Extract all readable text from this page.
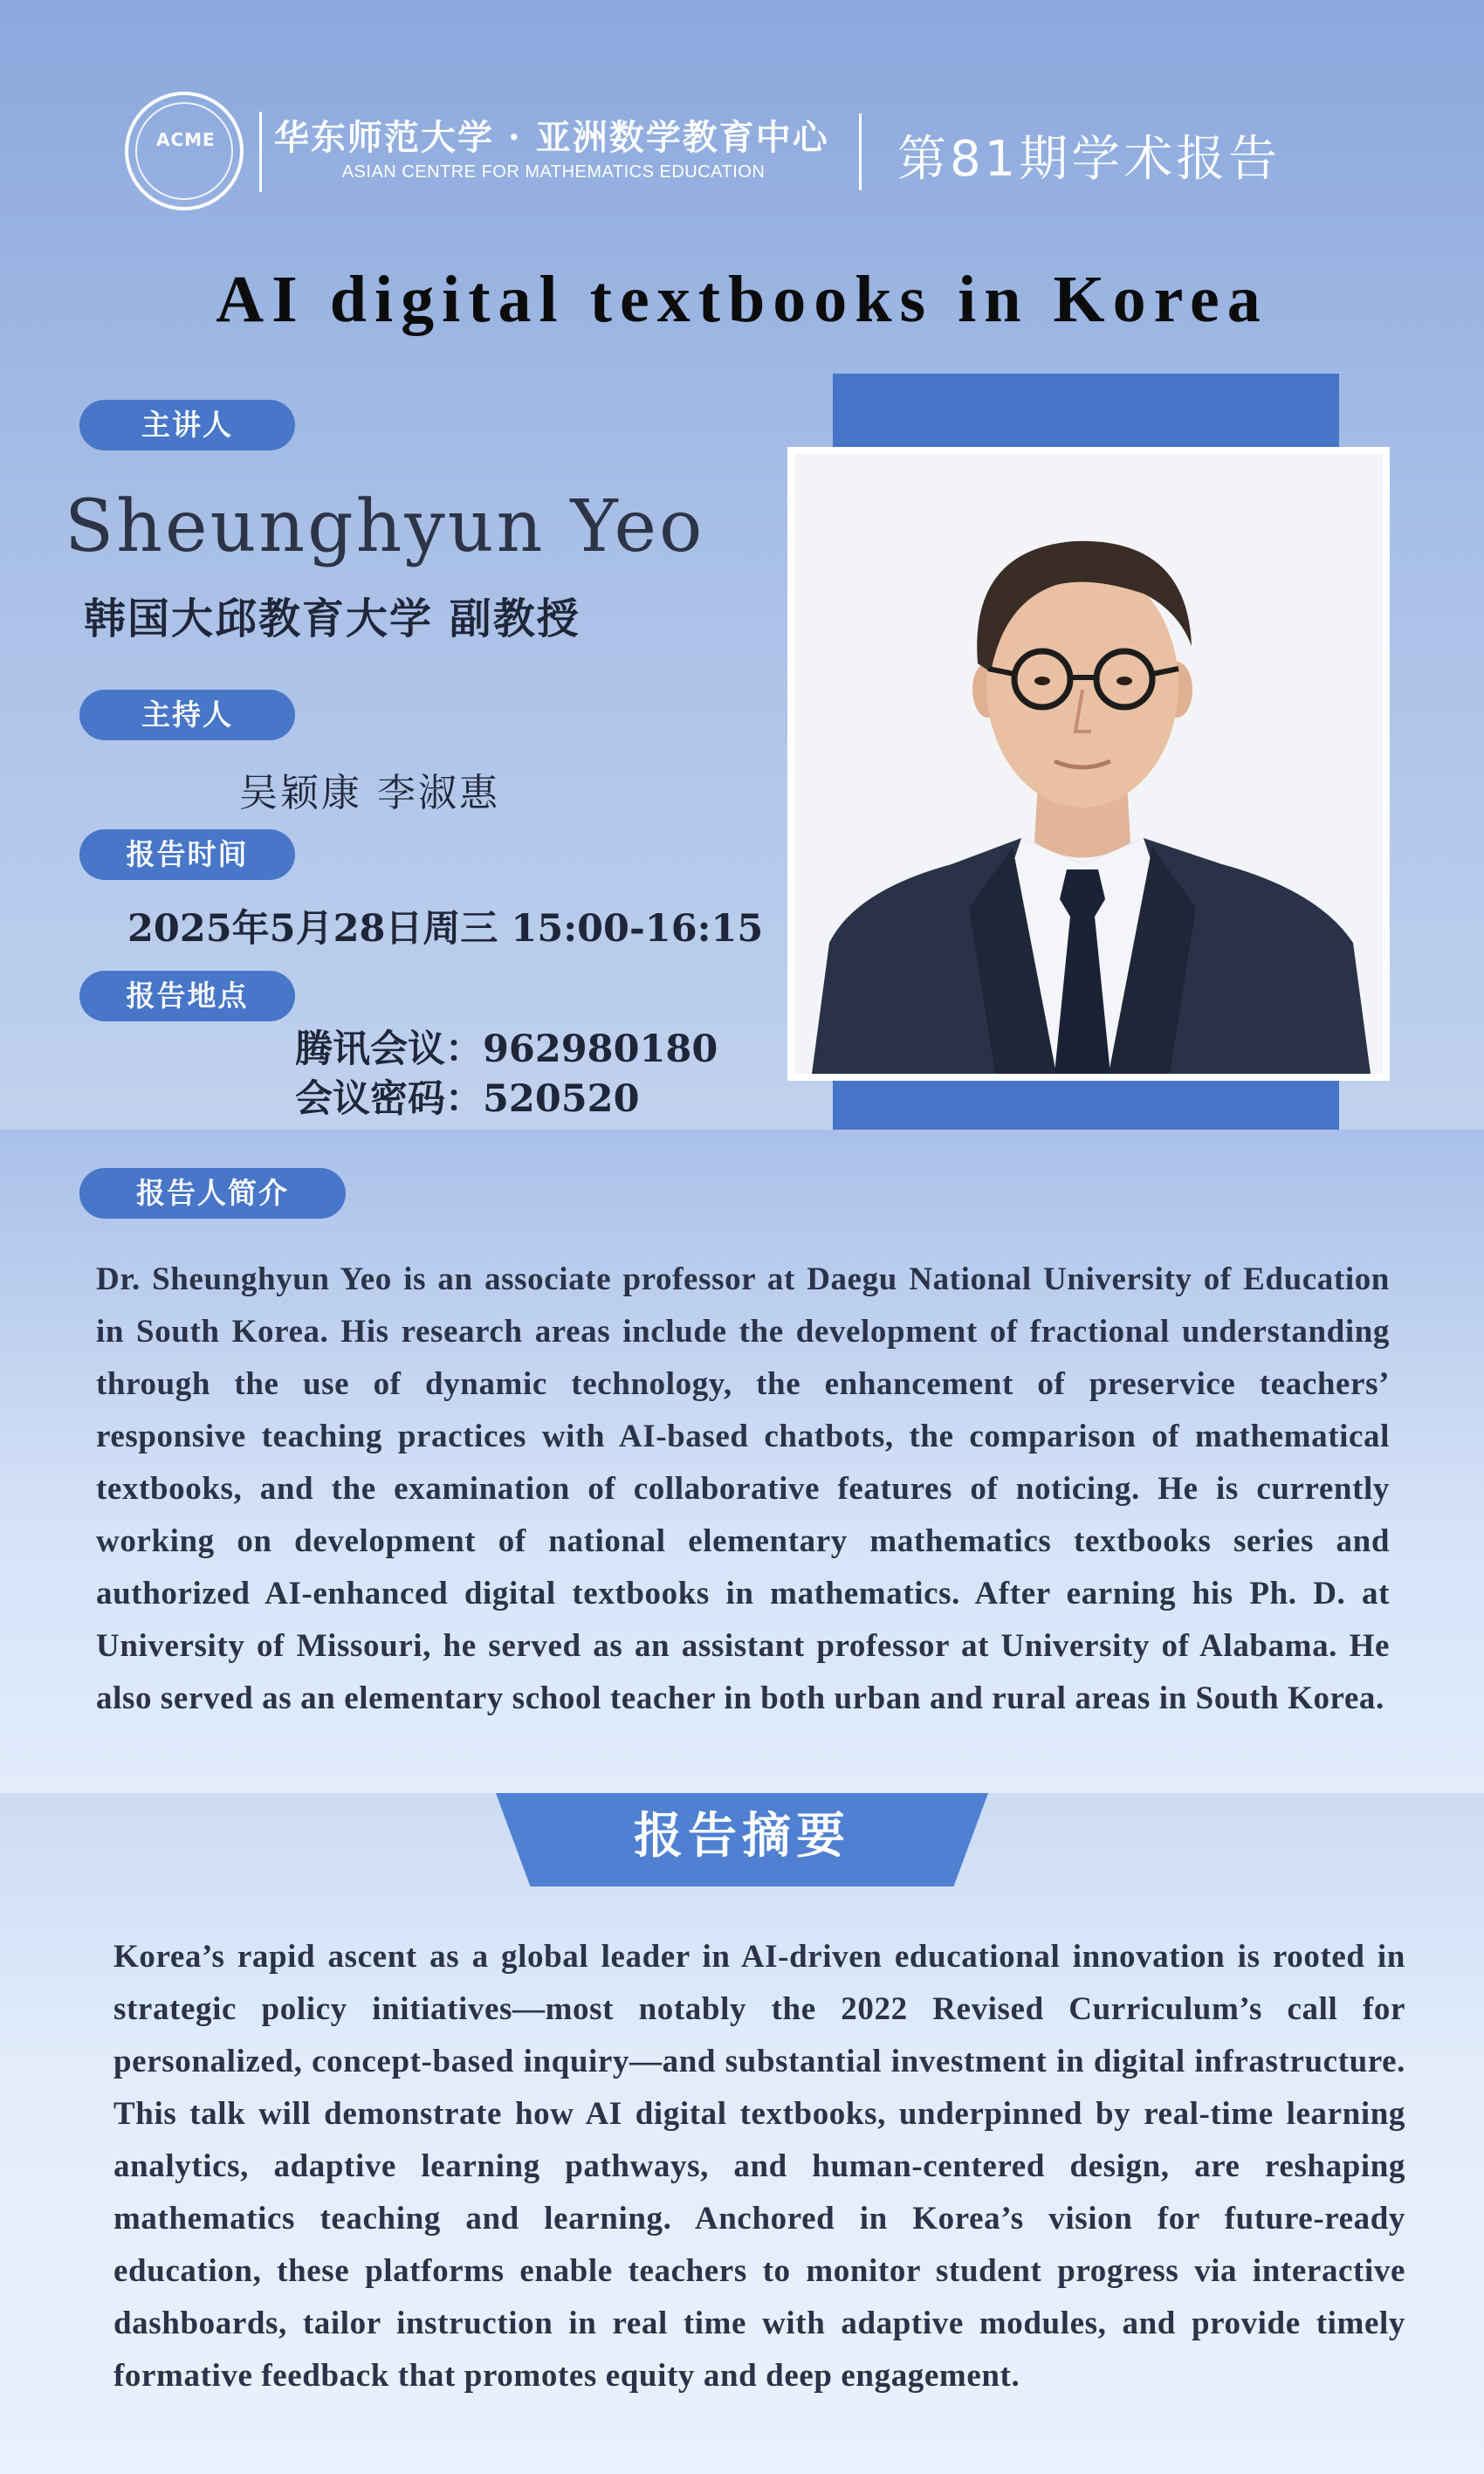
ACME 华东师范大学 · 亚洲数学教育中心
ASIAN CENTRE FOR MATHEMATICS EDUCATION	第81期学术报告
AI digital textbooks in Korea
主讲人
Sheunghyun Yeo
韩国大邱教育大学 副教授
主持人
吴颖康 李淑惠
报告时间
2025年5月28日周三 15:00-16:15
报告地点
腾讯会议：962980180
会议密码：520520
报告人简介

Dr. Sheunghyun Yeo is an associate professor at Daegu National University of Education in South Korea. His research areas include the development of fractional understanding through the use of dynamic technology, the enhancement of preservice teachers’ responsive teaching practices with AI-based chatbots, the comparison of mathematical textbooks, and the examination of collaborative features of noticing. He is currently working on development of national elementary mathematics textbooks series and authorized AI-enhanced digital textbooks in mathematics. After earning his Ph. D. at University of Missouri, he served as an assistant professor at University of Alabama. He also served as an elementary school teacher in both urban and rural areas in South Korea.

报告摘要

Korea’s rapid ascent as a global leader in AI-driven educational innovation is rooted in strategic policy initiatives—most notably the 2022 Revised Curriculum’s call for personalized, concept-based inquiry—and substantial investment in digital infrastructure. This talk will demonstrate how AI digital textbooks, underpinned by real-time learning analytics, adaptive learning pathways, and human-centered design, are reshaping mathematics teaching and learning. Anchored in Korea’s vision for future-ready education, these platforms enable teachers to monitor student progress via interactive dashboards, tailor instruction in real time with adaptive modules, and provide timely formative feedback that promotes equity and deep engagement.
